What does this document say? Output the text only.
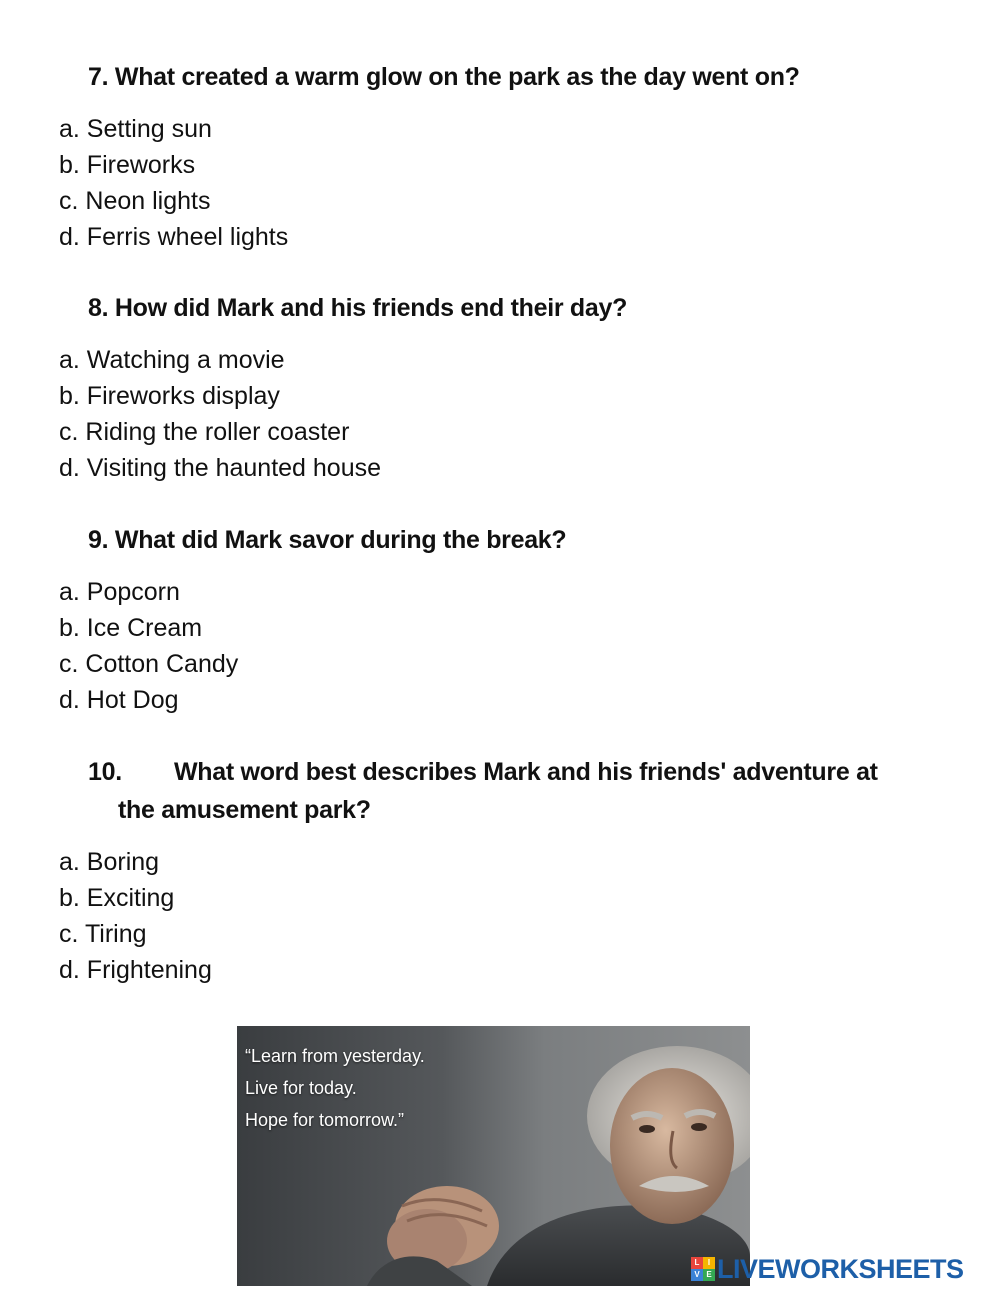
7. What created a warm glow on the park as the day went on?
a. Setting sun
b. Fireworks
c. Neon lights
d. Ferris wheel lights
8. How did Mark and his friends end their day?
a. Watching a movie
b. Fireworks display
c. Riding the roller coaster
d. Visiting the haunted house
9. What did Mark savor during the break?
a. Popcorn
b. Ice Cream
c. Cotton Candy
d. Hot Dog
10. What word best describes Mark and his friends' adventure at
the amusement park?
a. Boring
b. Exciting
c. Tiring
d. Frightening
“Learn from yesterday.
Live for today.
Hope for tomorrow.”
L	I
V E LIVEWORKSHEETS
